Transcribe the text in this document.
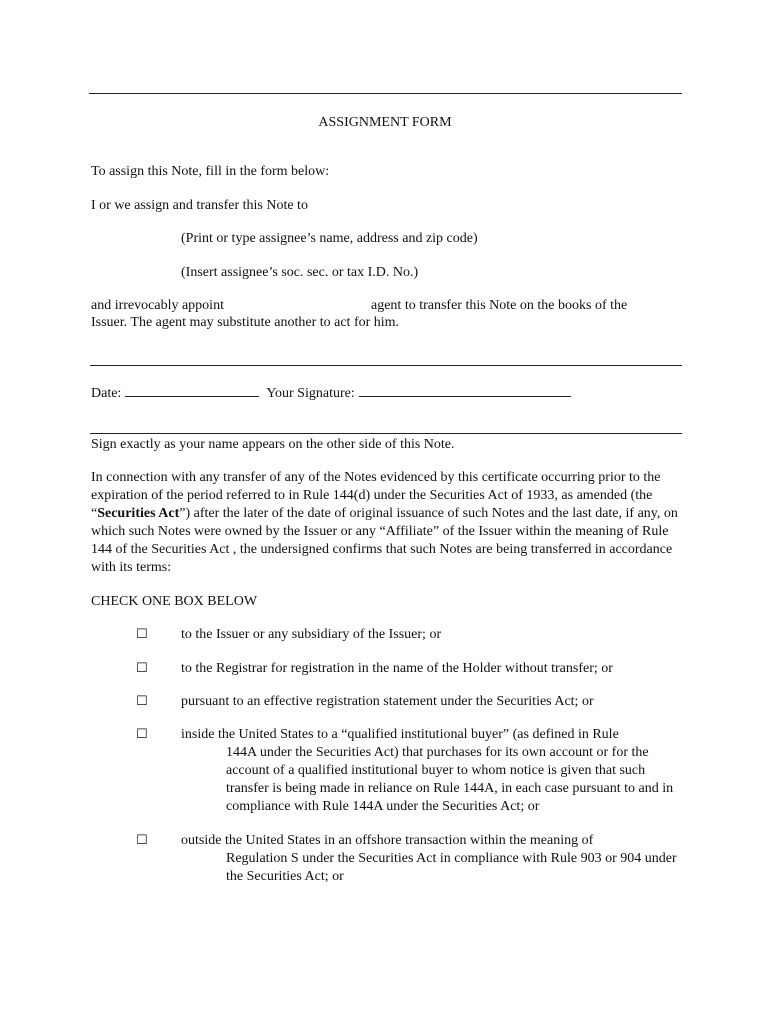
ASSIGNMENT FORM
To assign this Note, fill in the form below:
I or we assign and transfer this Note to
(Print or type assignee’s name, address and zip code)
(Insert assignee’s soc. sec. or tax I.D. No.)
and irrevocably appoint	agent to transfer this Note on the books of the
Issuer. The agent may substitute another to act for him.
Date:	Your Signature:
Sign exactly as your name appears on the other side of this Note.
In connection with any transfer of any of the Notes evidenced by this certificate occurring prior to the expiration of the period referred to in Rule 144(d) under the Securities Act of 1933, as amended (the “Securities Act”) after the later of the date of original issuance of such Notes and the last date, if any, on which such Notes were owned by the Issuer or any “Affiliate” of the Issuer within the meaning of Rule 144 of the Securities Act , the undersigned confirms that such Notes are being transferred in accordance with its terms:
CHECK ONE BOX BELOW
☐ to the Issuer or any subsidiary of the Issuer; or
☐ to the Registrar for registration in the name of the Holder without transfer; or
☐ pursuant to an effective registration statement under the Securities Act; or
☐ inside the United States to a “qualified institutional buyer” (as defined in Rule
144A under the Securities Act) that purchases for its own account or for the account of a qualified institutional buyer to whom notice is given that such transfer is being made in reliance on Rule 144A, in each case pursuant to and in compliance with Rule 144A under the Securities Act; or
☐ outside the United States in an offshore transaction within the meaning of
Regulation S under the Securities Act in compliance with Rule 903 or 904 under the Securities Act; or
